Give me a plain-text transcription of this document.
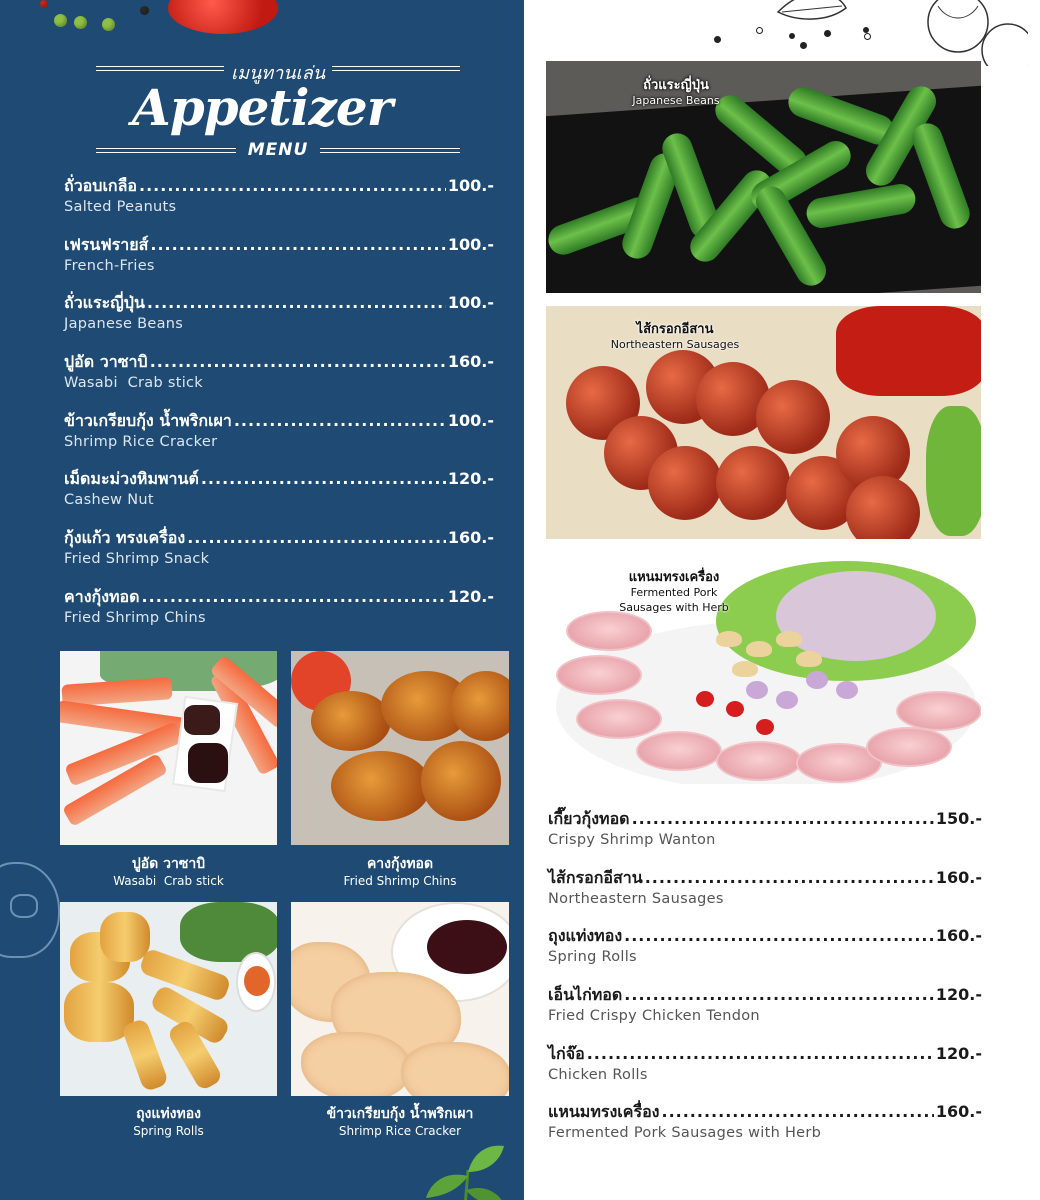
เมนูทานเล่น
Appetizer
MENU
ถั่วอบเกลือ .....	100.-
Salted Peanuts
เฟรนฟรายส์ .....	100.-
French-Fries
ถั่วแระญี่ปุ่น .....	100.-
Japanese Beans
ปูอัด วาซาบิ .....	160.-
Wasabi  Crab stick
ข้าวเกรียบกุ้ง น้ำพริกเผา .....	100.-
Shrimp Rice Cracker
เม็ดมะม่วงหิมพานต์ .....	120.-
Cashew Nut
กุ้งแก้ว ทรงเครื่อง .....	160.-
Fried Shrimp Snack
คางกุ้งทอด .....	120.-
Fried Shrimp Chins
ปูอัด วาซาบิ
Wasabi  Crab stick
คางกุ้งทอด
Fried Shrimp Chins
ถุงแท่งทอง
Spring Rolls
ข้าวเกรียบกุ้ง น้ำพริกเผา
Shrimp Rice Cracker
ถั่วแระญี่ปุ่น
Japanese Beans
ไส้กรอกอีสาน
Northeastern Sausages
แหนมทรงเครื่อง
Fermented Pork
Sausages with Herb
เกี๊ยวกุ้งทอด .....	150.-
Crispy Shrimp Wanton
ไส้กรอกอีสาน .....	160.-
Northeastern Sausages
ถุงแท่งทอง .....	160.-
Spring Rolls
เอ็นไก่ทอด .....	120.-
Fried Crispy Chicken Tendon
ไก่จ๊อ .....	120.-
Chicken Rolls
แหนมทรงเครื่อง .....	160.-
Fermented Pork Sausages with Herb
